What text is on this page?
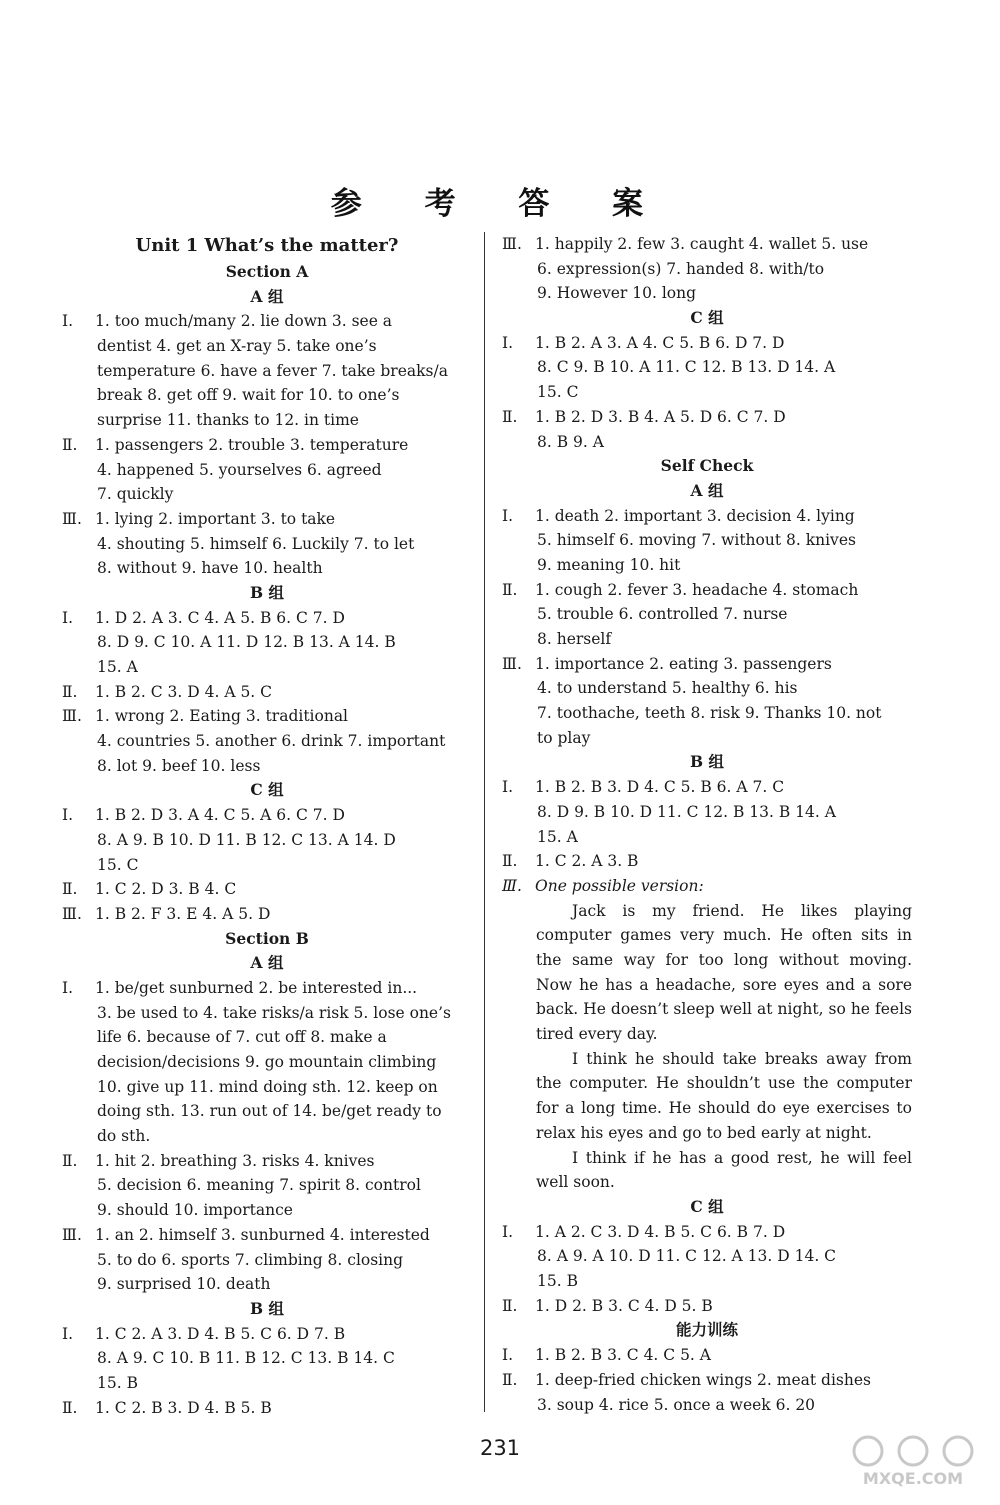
参 考 答 案
Unit 1 What’s the matter?
Section A
A 组
Ⅰ. 1. too much/many 2. lie down 3. see a
dentist 4. get an X-ray 5. take one’s
temperature 6. have a fever 7. take breaks/a
break 8. get off 9. wait for 10. to one’s
surprise 11. thanks to 12. in time
Ⅱ. 1. passengers 2. trouble 3. temperature
4. happened 5. yourselves 6. agreed
7. quickly
Ⅲ. 1. lying 2. important 3. to take
4. shouting 5. himself 6. Luckily 7. to let
8. without 9. have 10. health
B 组
Ⅰ. 1. D 2. A 3. C 4. A 5. B 6. C 7. D
8. D 9. C 10. A 11. D 12. B 13. A 14. B
15. A
Ⅱ. 1. B 2. C 3. D 4. A 5. C
Ⅲ. 1. wrong 2. Eating 3. traditional
4. countries 5. another 6. drink 7. important
8. lot 9. beef 10. less
C 组
Ⅰ. 1. B 2. D 3. A 4. C 5. A 6. C 7. D
8. A 9. B 10. D 11. B 12. C 13. A 14. D
15. C
Ⅱ. 1. C 2. D 3. B 4. C
Ⅲ. 1. B 2. F 3. E 4. A 5. D
Section B
A 组
Ⅰ. 1. be/get sunburned 2. be interested in...
3. be used to 4. take risks/a risk 5. lose one’s
life 6. because of 7. cut off 8. make a
decision/decisions 9. go mountain climbing
10. give up 11. mind doing sth. 12. keep on
doing sth. 13. run out of 14. be/get ready to
do sth.
Ⅱ. 1. hit 2. breathing 3. risks 4. knives
5. decision 6. meaning 7. spirit 8. control
9. should 10. importance
Ⅲ. 1. an 2. himself 3. sunburned 4. interested
5. to do 6. sports 7. climbing 8. closing
9. surprised 10. death
B 组
Ⅰ. 1. C 2. A 3. D 4. B 5. C 6. D 7. B
8. A 9. C 10. B 11. B 12. C 13. B 14. C
15. B
Ⅱ. 1. C 2. B 3. D 4. B 5. B
Ⅲ. 1. happily 2. few 3. caught 4. wallet 5. use
6. expression(s) 7. handed 8. with/to
9. However 10. long
C 组
Ⅰ. 1. B 2. A 3. A 4. C 5. B 6. D 7. D
8. C 9. B 10. A 11. C 12. B 13. D 14. A
15. C
Ⅱ. 1. B 2. D 3. B 4. A 5. D 6. C 7. D
8. B 9. A
Self Check
A 组
Ⅰ. 1. death 2. important 3. decision 4. lying
5. himself 6. moving 7. without 8. knives
9. meaning 10. hit
Ⅱ. 1. cough 2. fever 3. headache 4. stomach
5. trouble 6. controlled 7. nurse
8. herself
Ⅲ. 1. importance 2. eating 3. passengers
4. to understand 5. healthy 6. his
7. toothache, teeth 8. risk 9. Thanks 10. not
to play
B 组
Ⅰ. 1. B 2. B 3. D 4. C 5. B 6. A 7. C
8. D 9. B 10. D 11. C 12. B 13. B 14. A
15. A
Ⅱ. 1. C 2. A 3. B
Ⅲ. One possible version:
Jack is my friend. He likes playing computer games very much. He often sits in the same way for too long without moving. Now he has a headache, sore eyes and a sore back. He doesn’t sleep well at night, so he feels tired every day.
I think he should take breaks away from the computer. He shouldn’t use the computer for a long time. He should do eye exercises to relax his eyes and go to bed early at night.
I think if he has a good rest, he will feel well soon.
C 组
Ⅰ. 1. A 2. C 3. D 4. B 5. C 6. B 7. D
8. A 9. A 10. D 11. C 12. A 13. D 14. C
15. B
Ⅱ. 1. D 2. B 3. C 4. D 5. B
能力训练
Ⅰ. 1. B 2. B 3. C 4. C 5. A
Ⅱ. 1. deep-fried chicken wings 2. meat dishes
3. soup 4. rice 5. once a week 6. 20
231
MXQE.COM
